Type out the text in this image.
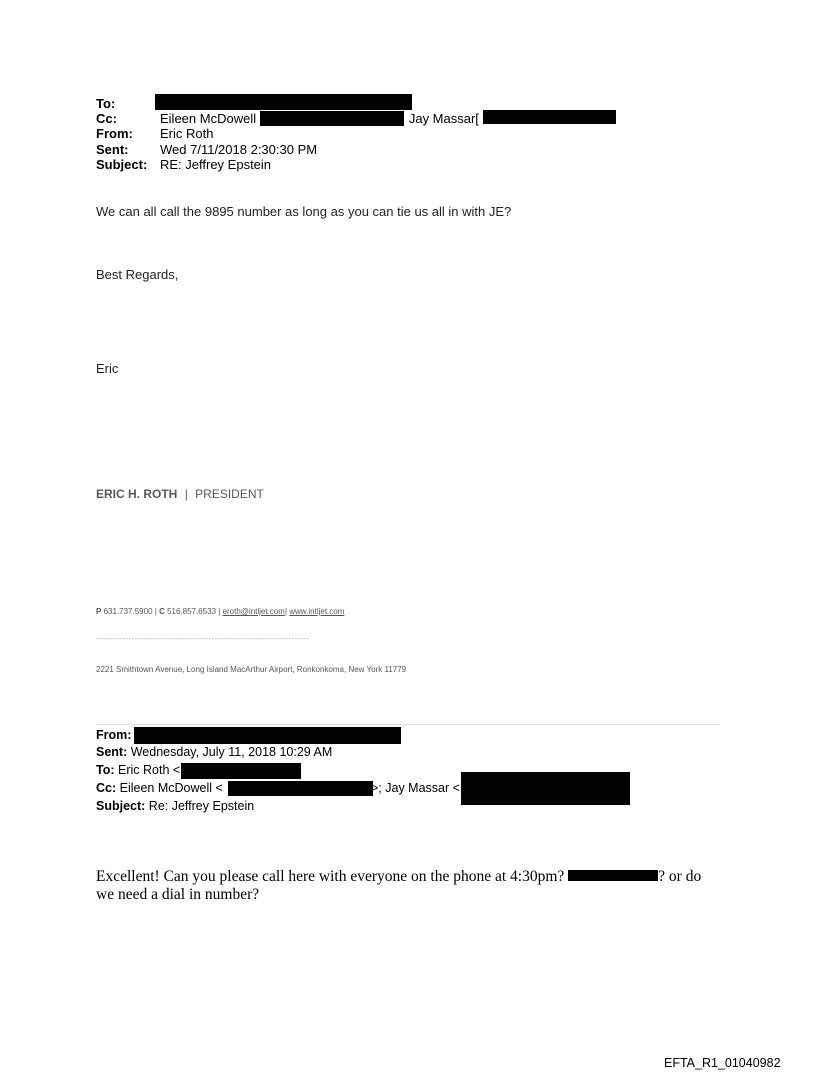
To:
Cc:	Eileen McDowell	]; Jay Massar[
From: Eric Roth
Sent: Wed 7/11/2018 2:30:30 PM
Subject: RE: Jeffrey Epstein
We can all call the 9895 number as long as you can tie us all in with JE?
Best Regards,
Eric
ERIC H. ROTH | PRESIDENT
P 631.737.5900 | C 516.857.6533 | eroth@intljet.com| www.intljet.com
------------------------------------------------------------------------
2221 Smithtown Avenue, Long Island MacArthur Airport, Ronkonkoma, New York 11779
From:
Sent: Wednesday, July 11, 2018 10:29 AM
To: Eric Roth <
Cc: Eileen McDowell <	>; Jay Massar <
Subject: Re: Jeffrey Epstein
Excellent! Can you please call here with everyone on the phone at 4:30pm?	? or do
we need a dial in number?
EFTA_R1_01040982
